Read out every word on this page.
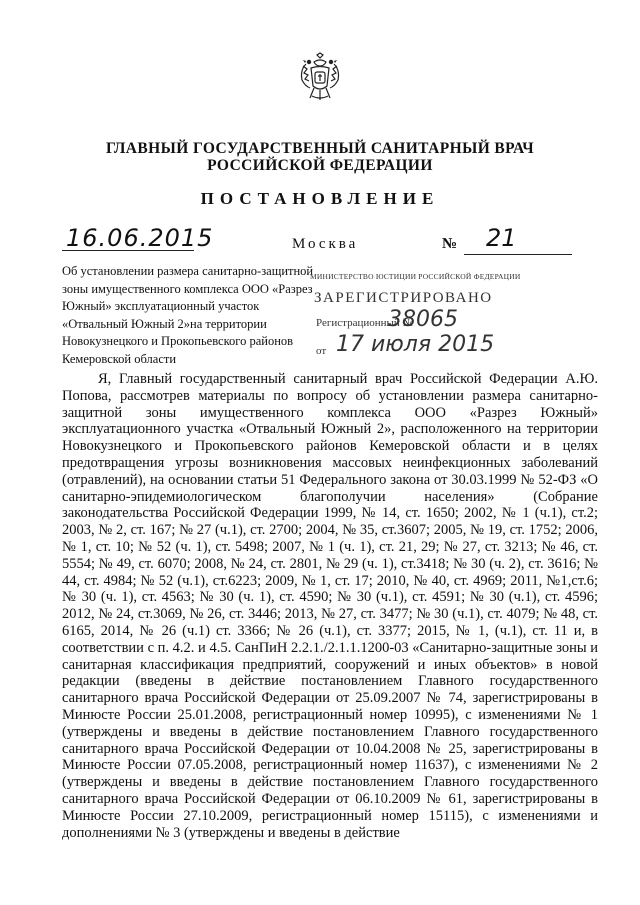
ГЛАВНЫЙ ГОСУДАРСТВЕННЫЙ САНИТАРНЫЙ ВРАЧ
РОССИЙСКОЙ ФЕДЕРАЦИИ
ПОСТАНОВЛЕНИЕ
16.06.2015	Москва	№ 21
Об установлении размера санитарно-защитной зоны имущественного комплекса ООО «Разрез Южный» эксплуатационный участок «Отвальный Южный 2»на территории Новокузнецкого и Прокопьевского районов Кемеровской области
МИНИСТЕРСТВО ЮСТИЦИИ РОССИЙСКОЙ ФЕДЕРАЦИИ
ЗАРЕГИСТРИРОВАНО
Регистрационный №
38065
от 17 июля 2015

Я, Главный государственный санитарный врач Российской Федерации А.Ю. Попова, рассмотрев материалы по вопросу об установлении размера санитарно-защитной зоны имущественного комплекса ООО «Разрез Южный» эксплуатационного участка «Отвальный Южный 2», расположенного на территории Новокузнецкого и Прокопьевского районов Кемеровской области и в целях предотвращения угрозы возникновения массовых неинфекционных заболеваний (отравлений), на основании статьи 51 Федерального закона от 30.03.1999 № 52-ФЗ «О санитарно-эпидемиологическом благополучии населения» (Собрание законодательства Российской Федерации 1999, № 14, ст. 1650; 2002, № 1 (ч.1), ст.2; 2003, № 2, ст. 167; № 27 (ч.1), ст. 2700; 2004, № 35, ст.3607; 2005, № 19, ст. 1752; 2006, № 1, ст. 10; № 52 (ч. 1), ст. 5498; 2007, № 1 (ч. 1), ст. 21, 29; № 27, ст. 3213; № 46, ст. 5554; № 49, ст. 6070; 2008, № 24, ст. 2801, № 29 (ч. 1), ст.3418; № 30 (ч. 2), ст. 3616; № 44, ст. 4984; № 52 (ч.1), ст.6223; 2009, № 1, ст. 17; 2010, № 40, ст. 4969; 2011, №1,ст.6; № 30 (ч. 1), ст. 4563; № 30 (ч. 1), ст. 4590; № 30 (ч.1), ст. 4591; № 30 (ч.1), ст. 4596; 2012, № 24, ст.3069, № 26, ст. 3446; 2013, № 27, ст. 3477; № 30 (ч.1), ст. 4079; № 48, ст. 6165, 2014, № 26 (ч.1) ст. 3366; № 26 (ч.1), ст. 3377; 2015, № 1, (ч.1), ст. 11 и, в соответствии с п. 4.2. и 4.5. СанПиН 2.2.1./2.1.1.1200-03 «Санитарно-защитные зоны и санитарная классификация предприятий, сооружений и иных объектов» в новой редакции (введены в действие постановлением Главного государственного санитарного врача Российской Федерации от 25.09.2007 № 74, зарегистрированы в Минюсте России 25.01.2008, регистрационный номер 10995), с изменениями № 1 (утверждены и введены в действие постановлением Главного государственного санитарного врача Российской Федерации от 10.04.2008 № 25, зарегистрированы в Минюсте России 07.05.2008, регистрационный номер 11637), с изменениями № 2 (утверждены и введены в действие постановлением Главного государственного санитарного врача Российской Федерации от 06.10.2009 № 61, зарегистрированы в Минюсте России 27.10.2009, регистрационный номер 15115), с изменениями и дополнениями № 3 (утверждены и введены в действие
